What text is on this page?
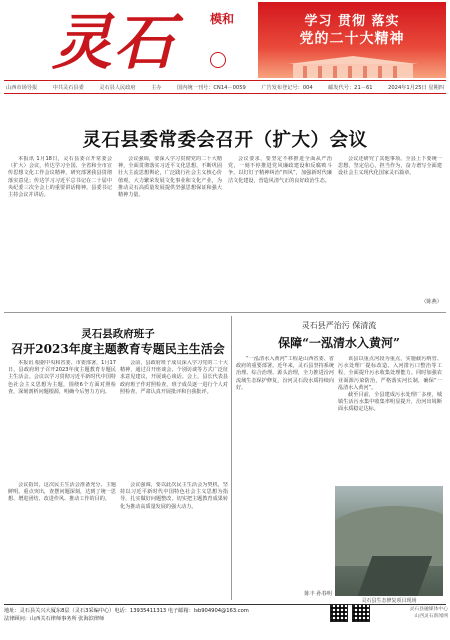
灵石	模和	学习 贯彻 落实
党的二十大精神
山西市场导报	中共灵石县委	灵石县人民政府	主办	国内统一刊号：CN14－0059	广告发布登记号：004	邮发代号：21－61	2024年1月25日 星期四
灵石县委常委会召开（扩大）会议

本报讯 1月18日，灵石县委召开常委会（扩大）会议，传达学习全国、全省和全市宣传思想文化工作会议精神，研究部署我县贯彻落实意见；传达学习习近平总书记在二十届中央纪委三次全会上的重要讲话精神。县委书记主持会议并讲话。

会议强调，要深入学习贯彻党的二十大精神，全面贯彻落实习近平文化思想，不断巩固壮大主流思想舆论，广泛践行社会主义核心价值观，大力繁荣发展文化事业和文化产业，为推动灵石高质量发展提供坚强思想保证和强大精神力量。

会议要求，要坚定不移推进全面从严治党，一刻不停推进党风廉政建设和反腐败斗争，以钉钉子精神纠治“四风”，加强新时代廉洁文化建设，营造风清气正的良好政治生态。

会议还研究了其他事项。全县上下要统一思想，坚定信心，担当作为，奋力谱写全面建设社会主义现代化国家灵石篇章。

（陈燕）
灵石县政府班子
召开2023年度主题教育专题民主生活会

本报讯 根据中央和省委、市委部署，1月17日，县政府班子召开2023年度主题教育专题民主生活会。会议以学习贯彻习近平新时代中国特色社会主义思想为主题，围绕6个方面对照检查，深刻剖析问题根源，明确今后努力方向。

会前，县政府班子成员深入学习党的二十大精神，通过召开座谈会、个别访谈等方式广泛征求意见建议，开展谈心谈话。会上，县长代表县政府班子作对照检查，班子成员逐一进行个人对照检查，严肃认真开展批评和自我批评。

会议指出，这次民主生活会准备充分、主题鲜明、重点突出，查摆问题深刻，达到了统一思想、增进团结、改进作风、推动工作的目的。

会议强调，要以此次民主生活会为契机，坚持以习近平新时代中国特色社会主义思想为指导，扎实做好问题整改，切实把主题教育成果转化为推动高质量发展的强大动力。

灵石县严治污 保清流
保障“一泓清水入黄河”

“一泓清水入黄河”工程是山西省委、省政府的重要部署。近年来，灵石县坚持系统治理、综合治理、源头治理，全力推进汾河流域生态保护修复，汾河灵石段水质持续向好。

该县以重点河段为重点，实施截污纳管、污水处理厂提标改造、入河排污口整治等工程，全面提升污水收集处理能力。同时加强农业面源污染防治，严格落实河长制，确保“一泓清水入黄河”。

截至目前，全县建成污水处理厂多座，城镇生活污水集中收集率明显提升，汾河出境断面水质稳定达标。

灵石县生态修复项目现场
陈丰 孙春明
地址：灵石县关兴大厦东8层（灵石3采编中心）电话：13935411313 电子邮箱：lsb904904@163.com
法律顾问：山西关石律师事务所 张海滨律师
灵石县融媒体中心
山西灵石新闻网
